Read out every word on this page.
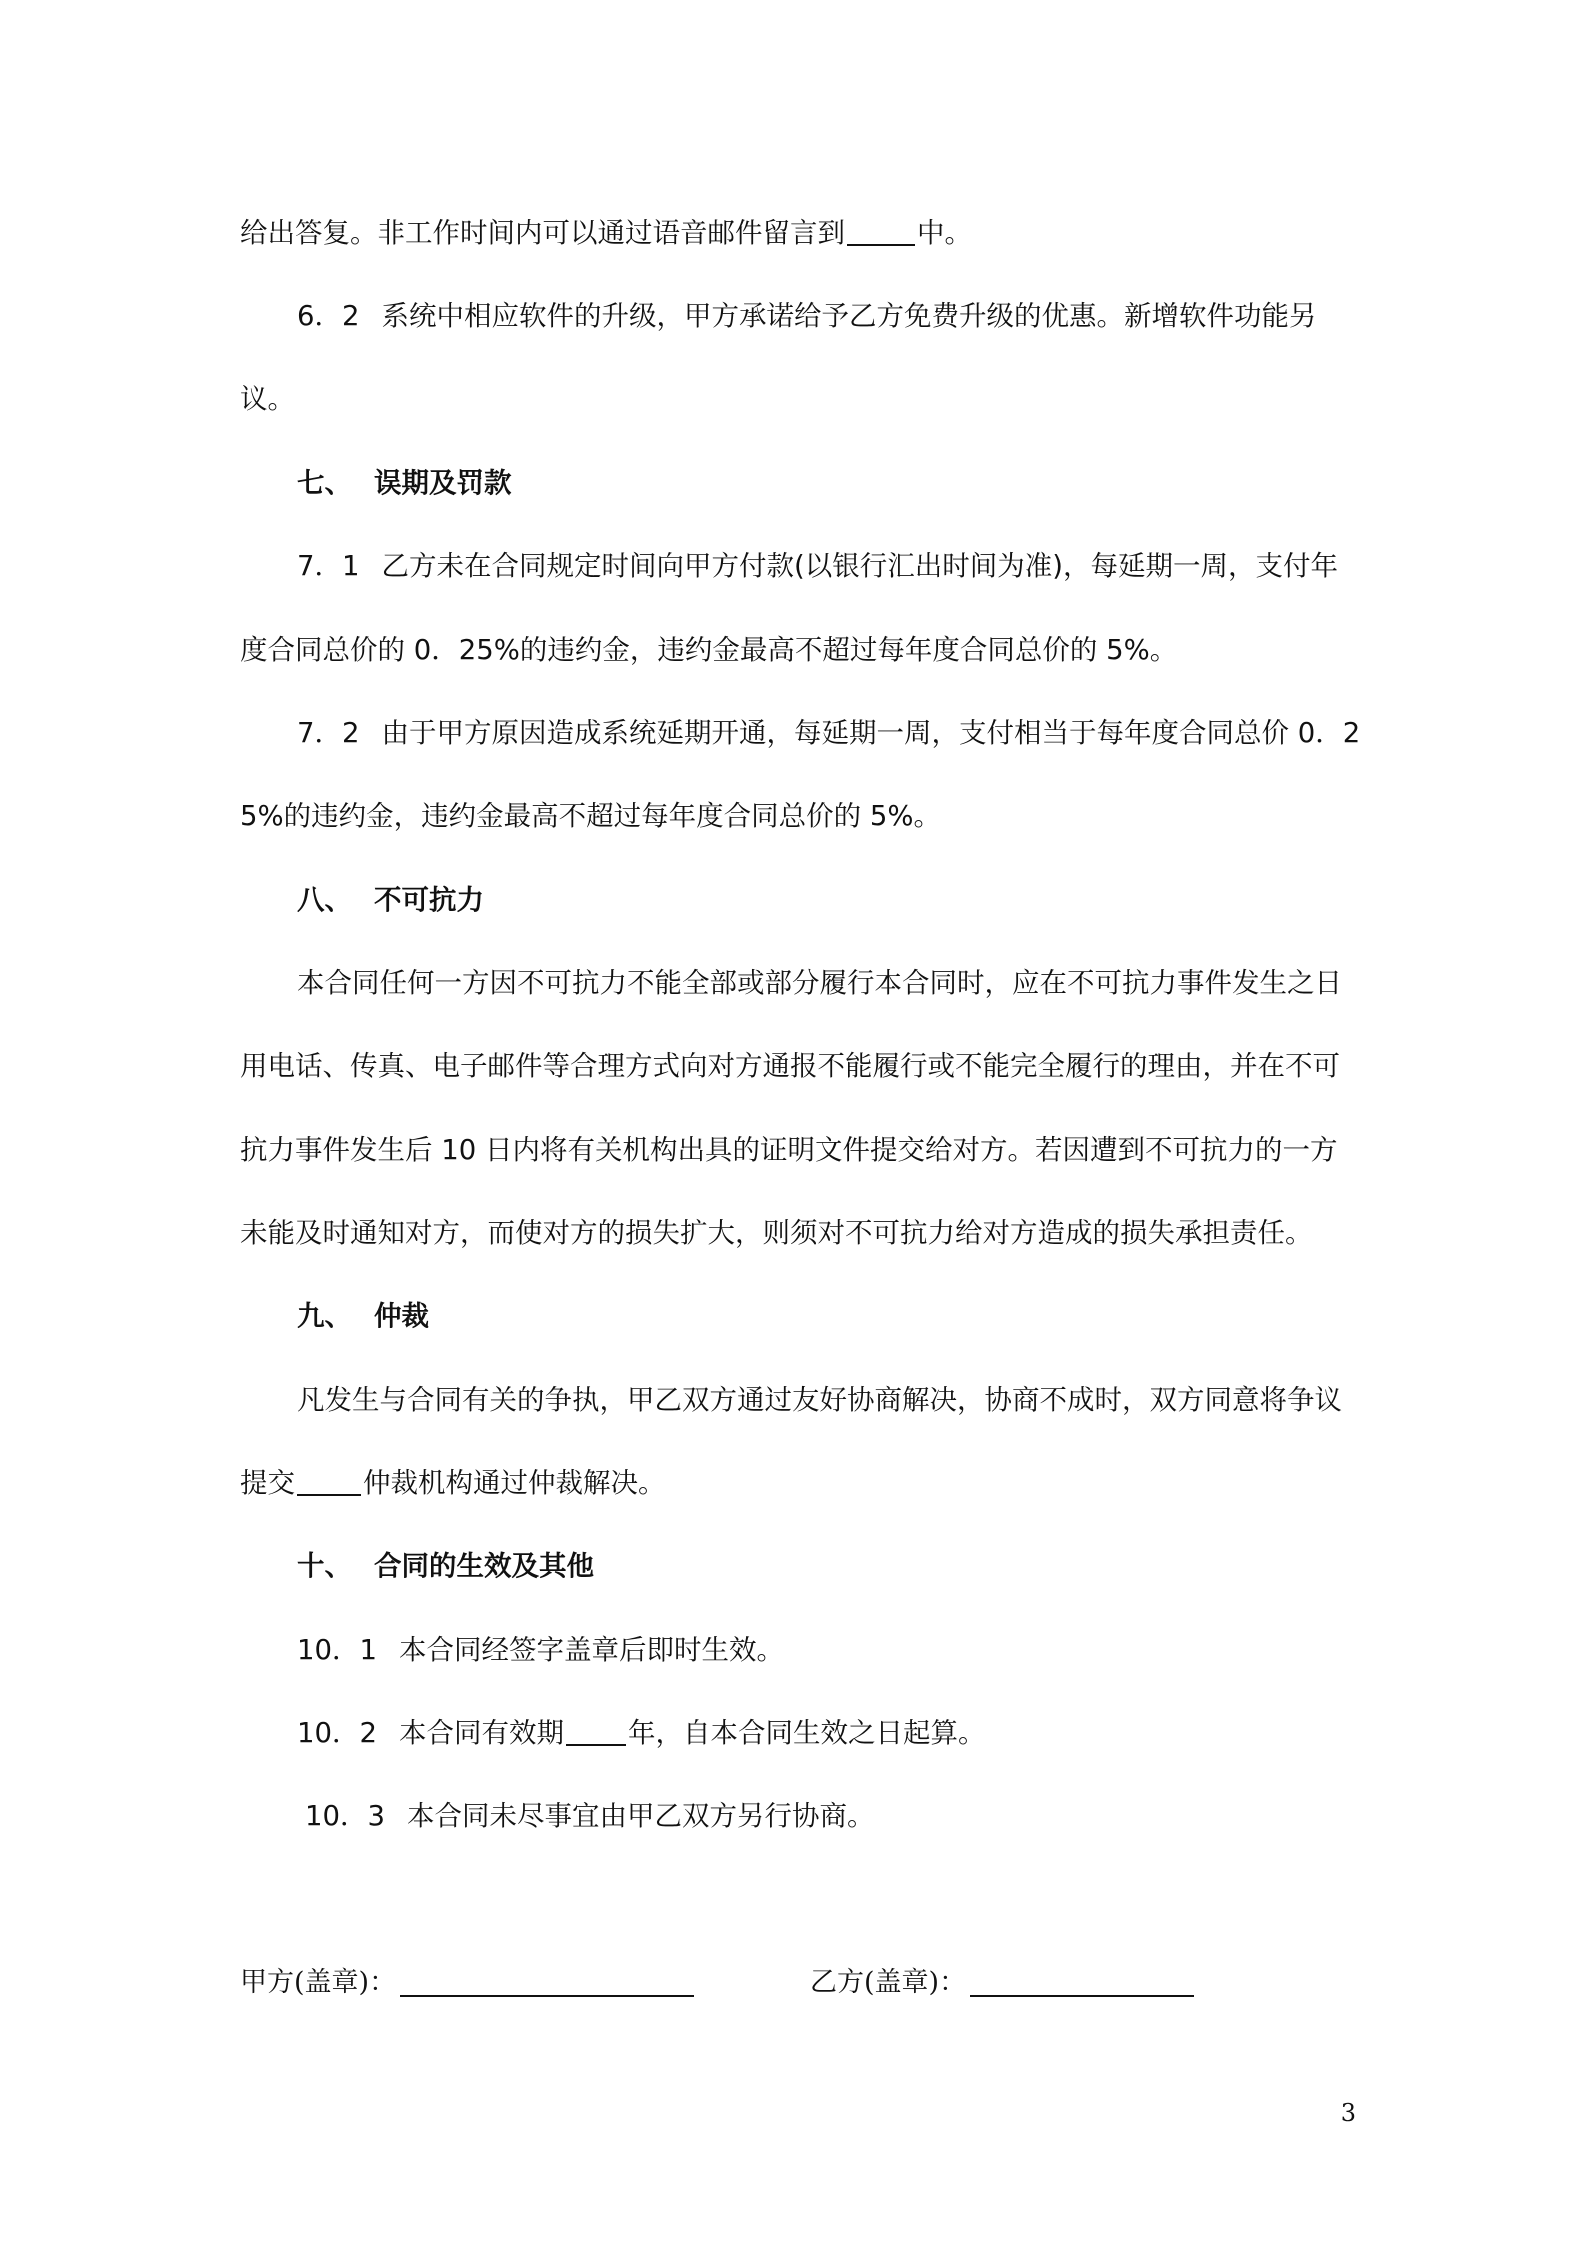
给出答复。非工作时间内可以通过语音邮件留言到	中。
6．2 系统中相应软件的升级，甲方承诺给予乙方免费升级的优惠。新增软件功能另
议。
七、 误期及罚款
7．1 乙方未在合同规定时间向甲方付款(以银行汇出时间为准)，每延期一周，支付年
度合同总价的 0．25%的违约金，违约金最高不超过每年度合同总价的 5%。
7．2 由于甲方原因造成系统延期开通，每延期一周，支付相当于每年度合同总价 0．2
5%的违约金，违约金最高不超过每年度合同总价的 5%。
八、 不可抗力
本合同任何一方因不可抗力不能全部或部分履行本合同时，应在不可抗力事件发生之日
用电话、传真、电子邮件等合理方式向对方通报不能履行或不能完全履行的理由，并在不可
抗力事件发生后 10 日内将有关机构出具的证明文件提交给对方。若因遭到不可抗力的一方
未能及时通知对方，而使对方的损失扩大，则须对不可抗力给对方造成的损失承担责任。
九、 仲裁
凡发生与合同有关的争执，甲乙双方通过友好协商解决，协商不成时，双方同意将争议
提交 仲裁机构通过仲裁解决。
十、 合同的生效及其他
10．1 本合同经签字盖章后即时生效。
10．2 本合同有效期 年，自本合同生效之日起算。
10．3 本合同未尽事宜由甲乙双方另行协商。
甲方(盖章)：	乙方(盖章)：
3
